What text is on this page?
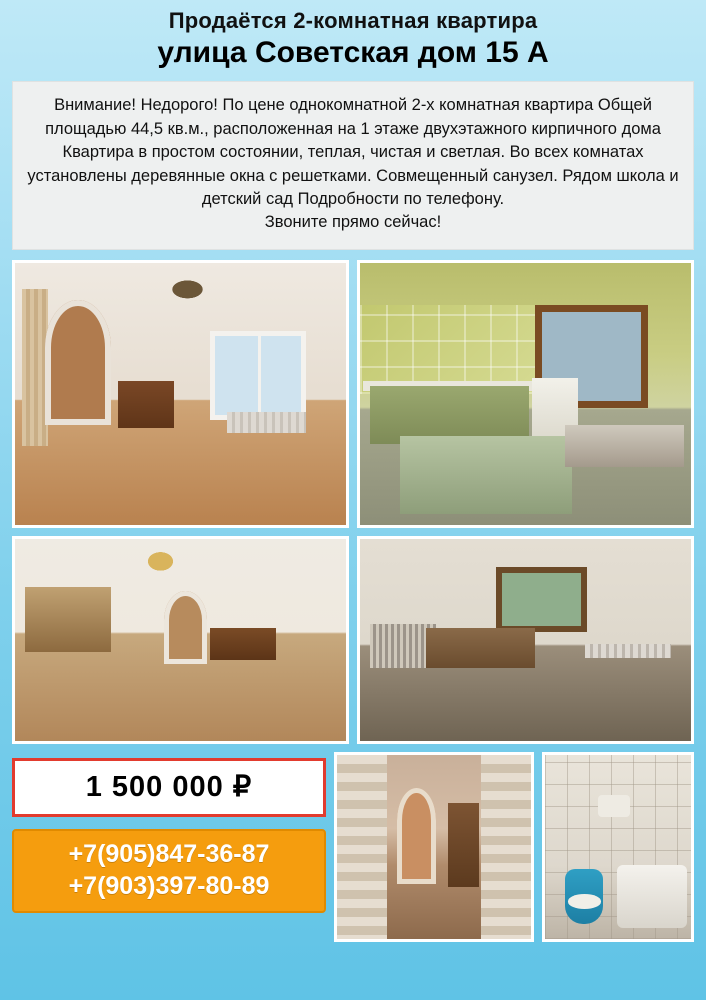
Продаётся 2-комнатная квартира
улица Советская дом 15 А

Внимание! Недорого! По цене однокомнатной 2-х комнатная квартира Общей площадью 44,5 кв.м., расположенная на 1 этаже двухэтажного кирпичного дома Квартира в простом состоянии, теплая, чистая и светлая. Во всех комнатах установлены деревянные окна с решетками. Совмещенный санузел. Рядом школа и детский сад Подробности по телефону.

Звоните прямо сейчас!

1 500 000 ₽
+7(905)847-36-87
+7(903)397-80-89
